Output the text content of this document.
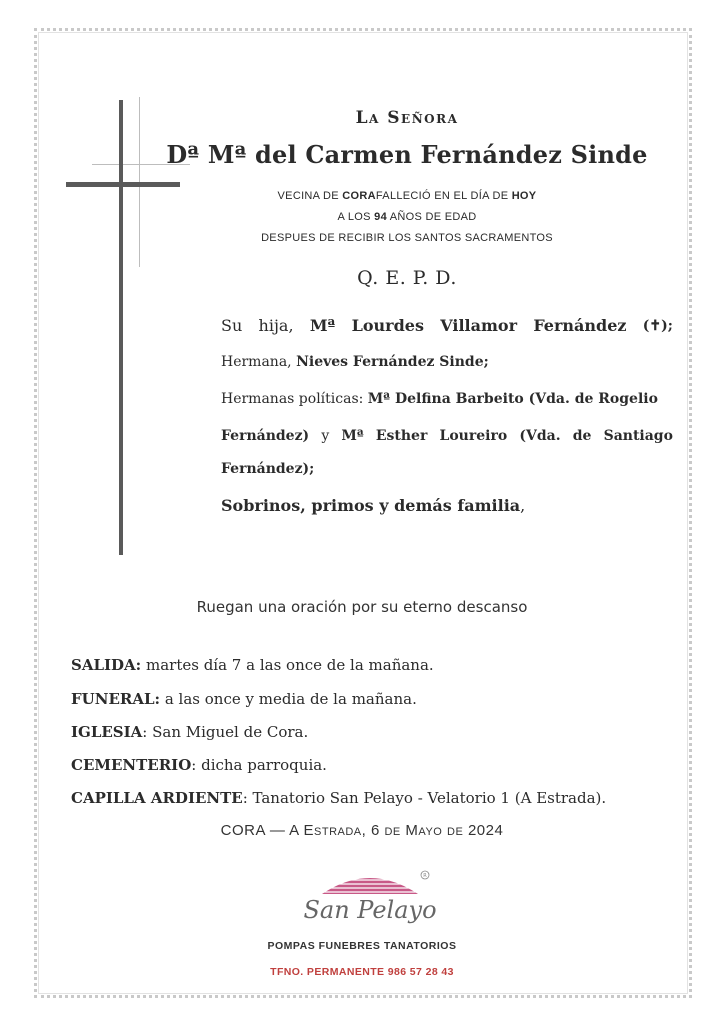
La Señora
Dª Mª del Carmen Fernández Sinde
VECINA DE CORAFALLECIÓ EN EL DÍA DE HOY
A LOS 94 AÑOS DE EDAD
DESPUES DE RECIBIR LOS SANTOS SACRAMENTOS
Q. E. P. D.
Su hija, Mª Lourdes Villamor Fernández (✝);
Hermana, Nieves Fernández Sinde;
Hermanas políticas: Mª Delfina Barbeito (Vda. de Rogelio
Fernández) y Mª Esther Loureiro (Vda. de Santiago
Fernández);
Sobrinos, primos y demás familia,
Ruegan una oración por su eterno descanso
SALIDA: martes día 7 a las once de la mañana.
FUNERAL: a las once y media de la mañana.
IGLESIA: San Miguel de Cora.
CEMENTERIO: dicha parroquia.
CAPILLA ARDIENTE: Tanatorio San Pelayo - Velatorio 1 (A Estrada).
CORA — A Estrada, 6 de Mayo de 2024
R
San Pelayo
POMPAS FUNEBRES TANATORIOS
TFNO. PERMANENTE 986 57 28 43
